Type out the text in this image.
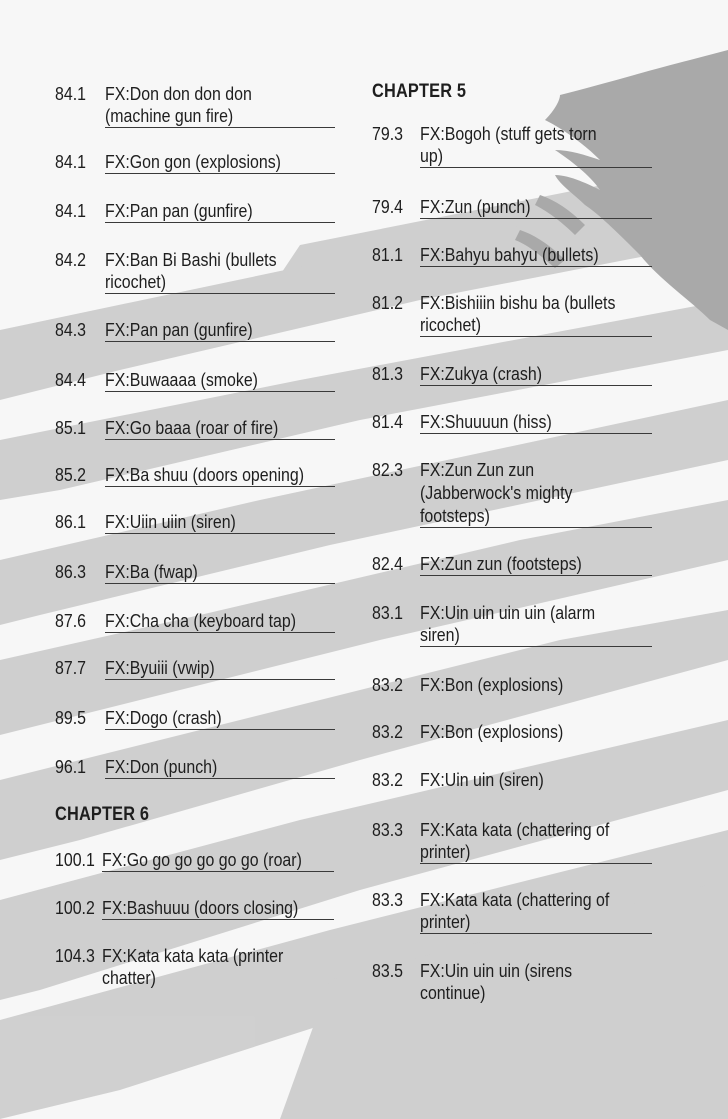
84.1 FX:Don don don don
(machine gun fire)
84.1 FX:Gon gon (explosions)
84.1 FX:Pan pan (gunfire)
84.2 FX:Ban Bi Bashi (bullets
ricochet)
84.3 FX:Pan pan (gunfire)
84.4 FX:Buwaaaa (smoke)
85.1 FX:Go baaa (roar of fire)
85.2 FX:Ba shuu (doors opening)
86.1 FX:Uiin uiin (siren)
86.3 FX:Ba (fwap)
87.6 FX:Cha cha (keyboard tap)
87.7 FX:Byuiii (vwip)
89.5 FX:Dogo (crash)
96.1 FX:Don (punch)
CHAPTER 6
100.1 FX:Go go go go go go (roar)
100.2 FX:Bashuuu (doors closing)
104.3 FX:Kata kata kata (printer
chatter)
CHAPTER 5
79.3 FX:Bogoh (stuff gets torn
up)
79.4 FX:Zun (punch)
81.1 FX:Bahyu bahyu (bullets)
81.2 FX:Bishiiin bishu ba (bullets
ricochet)
81.3 FX:Zukya (crash)
81.4 FX:Shuuuun (hiss)
82.3 FX:Zun Zun zun
(Jabberwock's mighty
footsteps)
82.4 FX:Zun zun (footsteps)
83.1 FX:Uin uin uin uin (alarm
siren)
83.2 FX:Bon (explosions)
83.2 FX:Bon (explosions)
83.2 FX:Uin uin (siren)
83.3 FX:Kata kata (chattering of
printer)
83.3 FX:Kata kata (chattering of
printer)
83.5 FX:Uin uin uin (sirens
continue)
